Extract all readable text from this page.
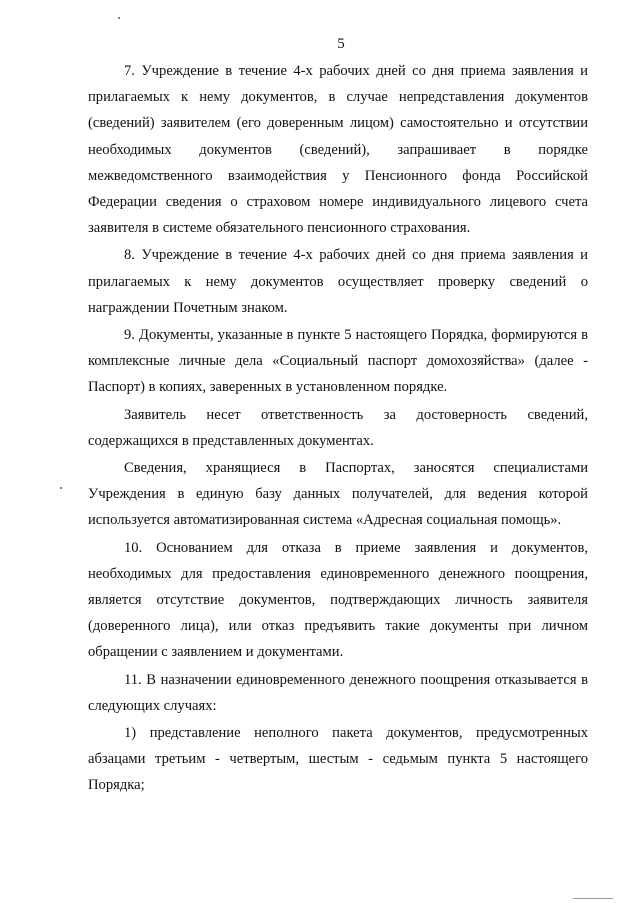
5

7. Учреждение в течение 4-х рабочих дней со дня приема заявления и прилагаемых к нему документов, в случае непредставления документов (сведений) заявителем (его доверенным лицом) самостоятельно и отсутствии необходимых документов (сведений), запрашивает в порядке межведомственного взаимодействия у Пенсионного фонда Российской Федерации сведения о страховом номере индивидуального лицевого счета заявителя в системе обязательного пенсионного страхования.

8. Учреждение в течение 4-х рабочих дней со дня приема заявления и прилагаемых к нему документов осуществляет проверку сведений о награждении Почетным знаком.

9. Документы, указанные в пункте 5 настоящего Порядка, формируются в комплексные личные дела «Социальный паспорт домохозяйства» (далее - Паспорт) в копиях, заверенных в установленном порядке.

Заявитель несет ответственность за достоверность сведений, содержащихся в представленных документах.

Сведения, хранящиеся в Паспортах, заносятся специалистами Учреждения в единую базу данных получателей, для ведения которой используется автоматизированная система «Адресная социальная помощь».

10. Основанием для отказа в приеме заявления и документов, необходимых для предоставления единовременного денежного поощрения, является отсутствие документов, подтверждающих личность заявителя (доверенного лица), или отказ предъявить такие документы при личном обращении с заявлением и документами.

11. В назначении единовременного денежного поощрения отказывается в следующих случаях:

1) представление неполного пакета документов, предусмотренных абзацами третьим - четвертым, шестым - седьмым пункта 5 настоящего Порядка;
